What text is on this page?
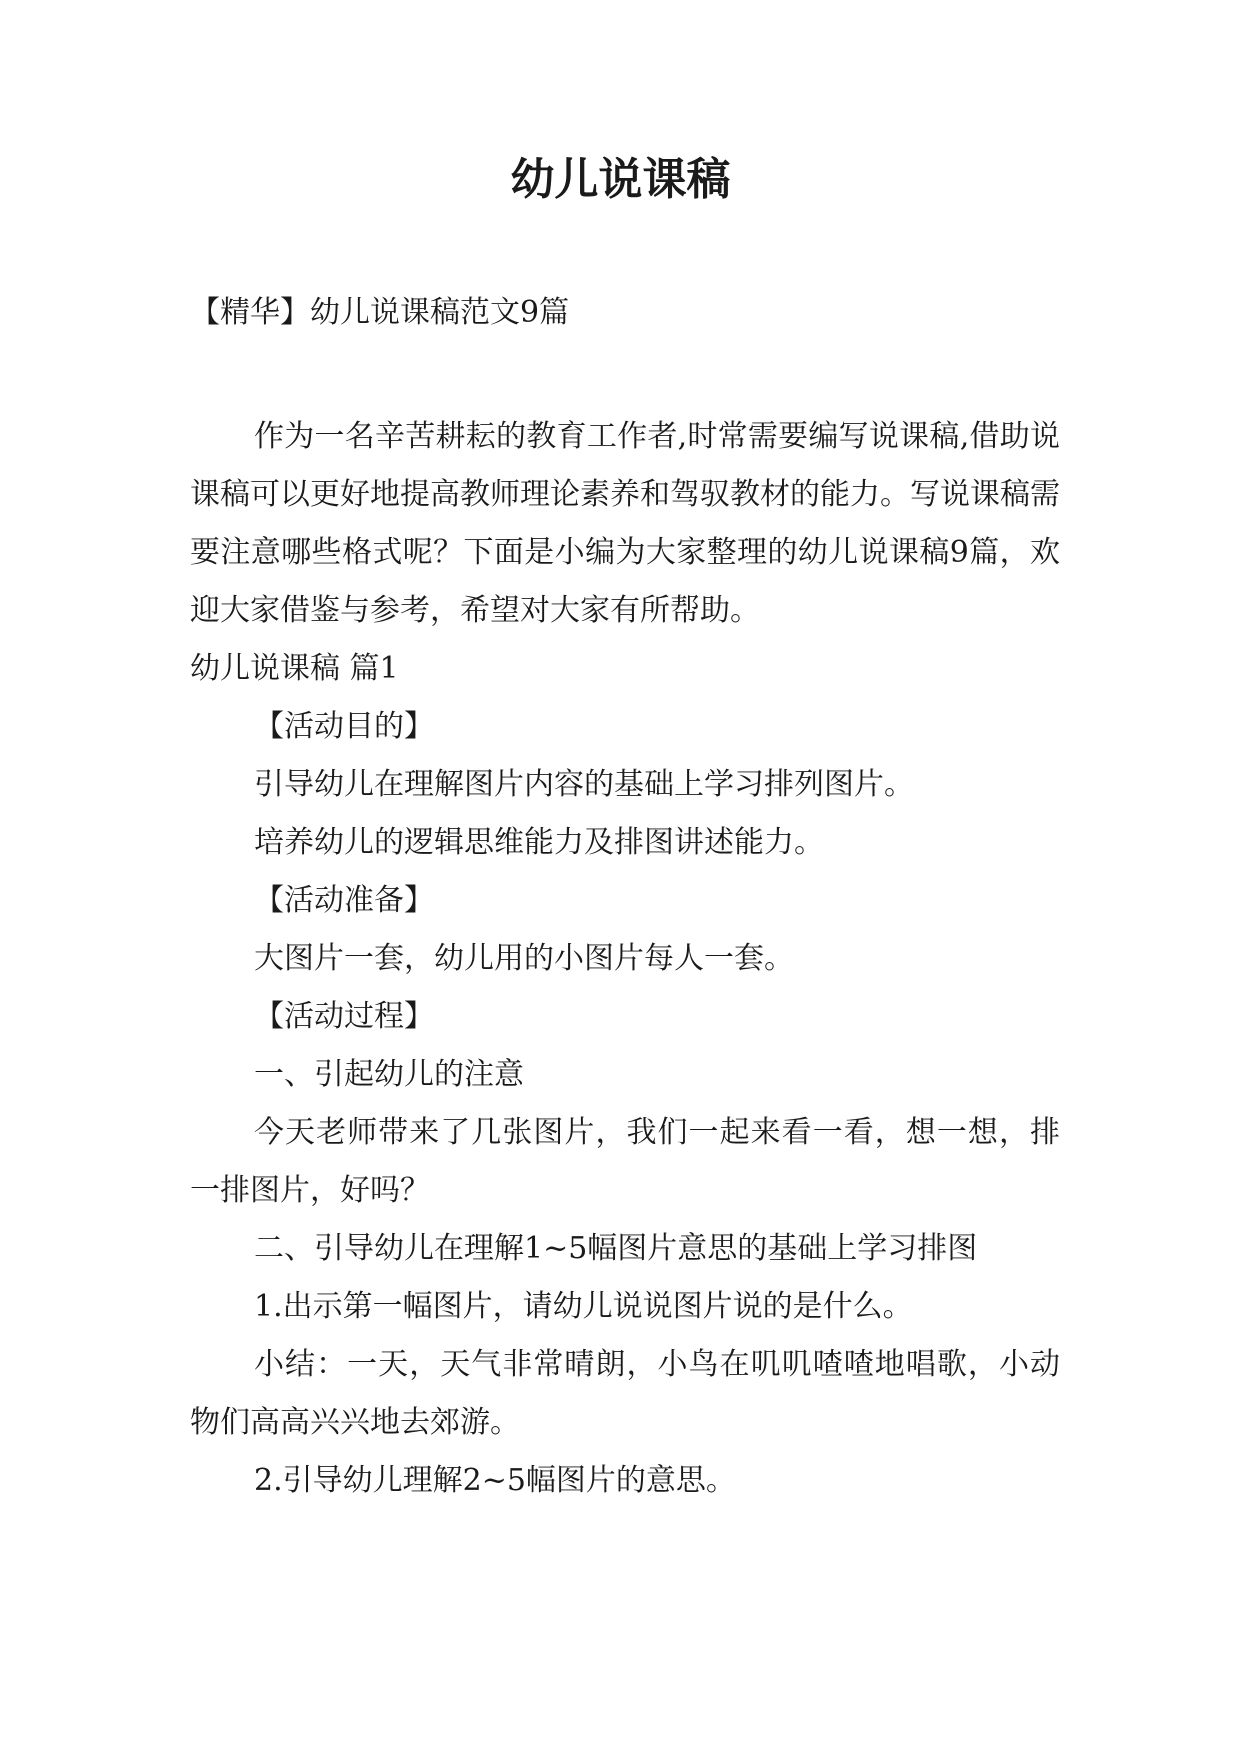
幼儿说课稿

【精华】幼儿说课稿范文9篇

作为一名辛苦耕耘的教育工作者,时常需要编写说课稿,借助说课稿可以更好地提高教师理论素养和驾驭教材的能力。写说课稿需要注意哪些格式呢？下面是小编为大家整理的幼儿说课稿9篇，欢迎大家借鉴与参考，希望对大家有所帮助。

幼儿说课稿 篇1

【活动目的】

引导幼儿在理解图片内容的基础上学习排列图片。

培养幼儿的逻辑思维能力及排图讲述能力。

【活动准备】

大图片一套，幼儿用的小图片每人一套。

【活动过程】

一、引起幼儿的注意

今天老师带来了几张图片，我们一起来看一看，想一想，排一排图片，好吗？

二、引导幼儿在理解1~5幅图片意思的基础上学习排图

1.出示第一幅图片，请幼儿说说图片说的是什么。

小结：一天，天气非常晴朗，小鸟在叽叽喳喳地唱歌，小动物们高高兴兴地去郊游。

2.引导幼儿理解2~5幅图片的意思。
